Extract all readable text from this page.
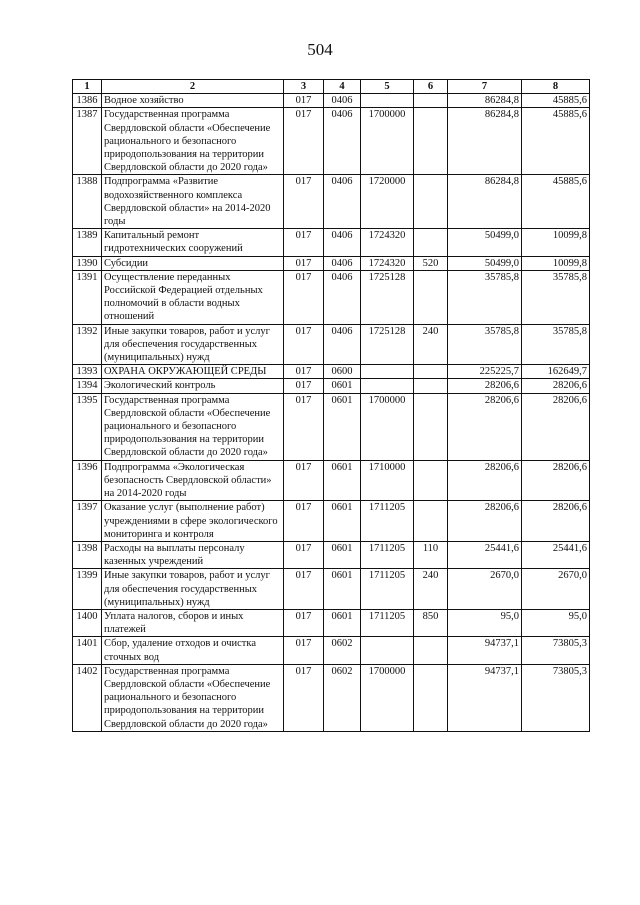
504
1	2	3	4	5	6	7	8
1386	Водное хозяйство	017	0406			86284,8	45885,6
1387	Государственная программа Свердловской области «Обеспечение рационального и безопасного природопользования на территории Свердловской области до 2020 года»	017	0406	1700000		86284,8	45885,6
1388	Подпрограмма «Развитие водохозяйственного комплекса Свердловской области» на 2014-2020 годы	017	0406	1720000		86284,8	45885,6
1389	Капитальный ремонт гидротехнических сооружений	017	0406	1724320		50499,0	10099,8
1390	Субсидии	017	0406	1724320	520	50499,0	10099,8
1391	Осуществление переданных Российской Федерацией отдельных полномочий в области водных отношений	017	0406	1725128		35785,8	35785,8
1392	Иные закупки товаров, работ и услуг для обеспечения государственных (муниципальных) нужд	017	0406	1725128	240	35785,8	35785,8
1393	ОХРАНА ОКРУЖАЮЩЕЙ СРЕДЫ	017	0600			225225,7	162649,7
1394	Экологический контроль	017	0601			28206,6	28206,6
1395	Государственная программа Свердловской области «Обеспечение рационального и безопасного природопользования на территории Свердловской области до 2020 года»	017	0601	1700000		28206,6	28206,6
1396	Подпрограмма «Экологическая безопасность Свердловской области» на 2014-2020 годы	017	0601	1710000		28206,6	28206,6
1397	Оказание услуг (выполнение работ) учреждениями в сфере экологического мониторинга и контроля	017	0601	1711205		28206,6	28206,6
1398	Расходы на выплаты персоналу казенных учреждений	017	0601	1711205	110	25441,6	25441,6
1399	Иные закупки товаров, работ и услуг для обеспечения государственных (муниципальных) нужд	017	0601	1711205	240	2670,0	2670,0
1400	Уплата налогов, сборов и иных платежей	017	0601	1711205	850	95,0	95,0
1401	Сбор, удаление отходов и очистка сточных вод	017	0602			94737,1	73805,3
1402	Государственная программа Свердловской области «Обеспечение рационального и безопасного природопользования на территории Свердловской области до 2020 года»	017	0602	1700000		94737,1	73805,3
